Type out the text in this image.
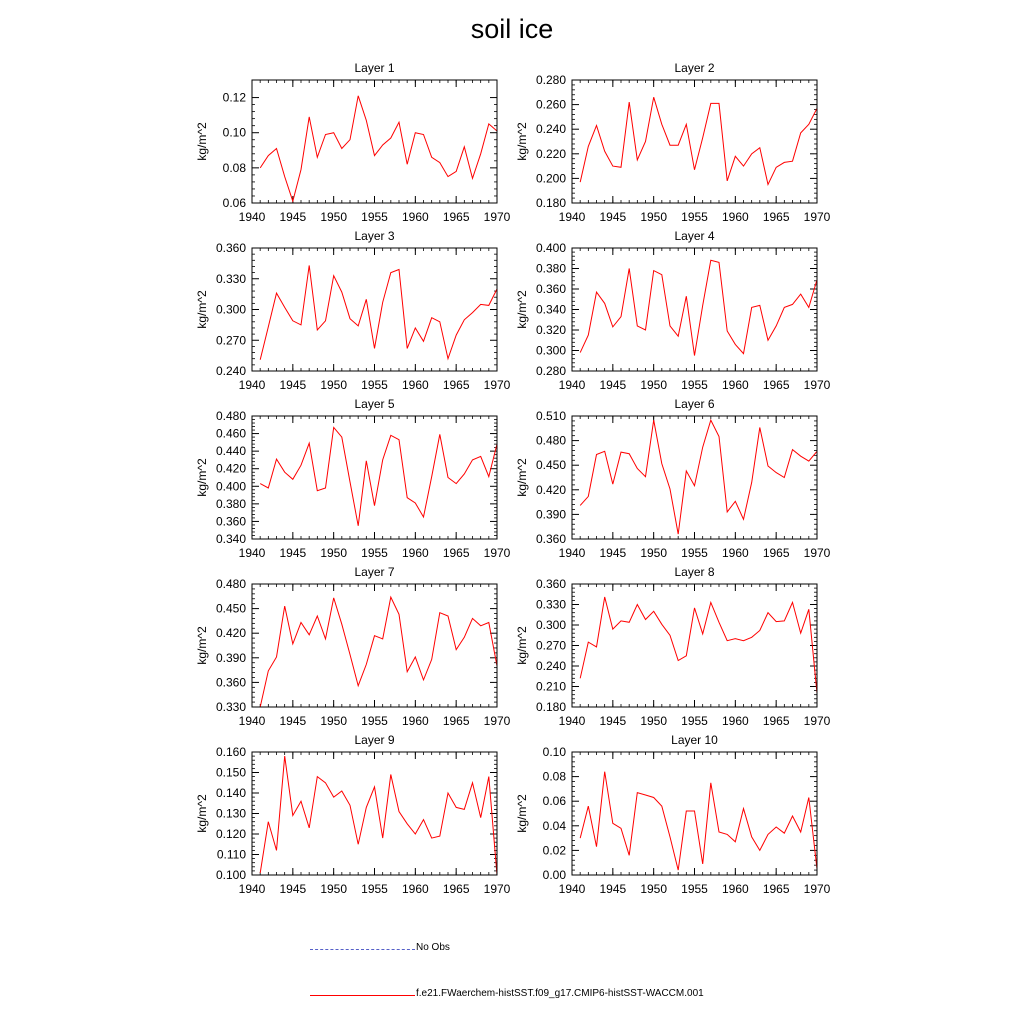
soil ice
Layer 1
kg/m^2
1940 1945 1950 1955 1960 1965 1970
0.06
0.08
0.10
0.12
Layer 2
kg/m^2
1940 1945 1950 1955 1960 1965 1970
0.180
0.200
0.220
0.240
0.260
0.280
Layer 3
kg/m^2
1940 1945 1950 1955 1960 1965 1970
0.240
0.270
0.300
0.330
0.360
Layer 4
kg/m^2
1940 1945 1950 1955 1960 1965 1970
0.280
0.300
0.320
0.340
0.360
0.380
0.400
Layer 5
kg/m^2
1940 1945 1950 1955 1960 1965 1970
0.340
0.360
0.380
0.400
0.420
0.440
0.460
0.480
Layer 6
kg/m^2
1940 1945 1950 1955 1960 1965 1970
0.360
0.390
0.420
0.450
0.480
0.510
Layer 7
kg/m^2
1940 1945 1950 1955 1960 1965 1970
0.330
0.360
0.390
0.420
0.450
0.480
Layer 8
kg/m^2
1940 1945 1950 1955 1960 1965 1970
0.180
0.210
0.240
0.270
0.300
0.330
0.360
Layer 9
kg/m^2
1940 1945 1950 1955 1960 1965 1970
0.100
0.110
0.120
0.130
0.140
0.150
0.160
Layer 10
kg/m^2
1940 1945 1950 1955 1960 1965 1970
0.00
0.02
0.04
0.06
0.08
0.10
No Obs
f.e21.FWaerchem-histSST.f09_g17.CMIP6-histSST-WACCM.001
